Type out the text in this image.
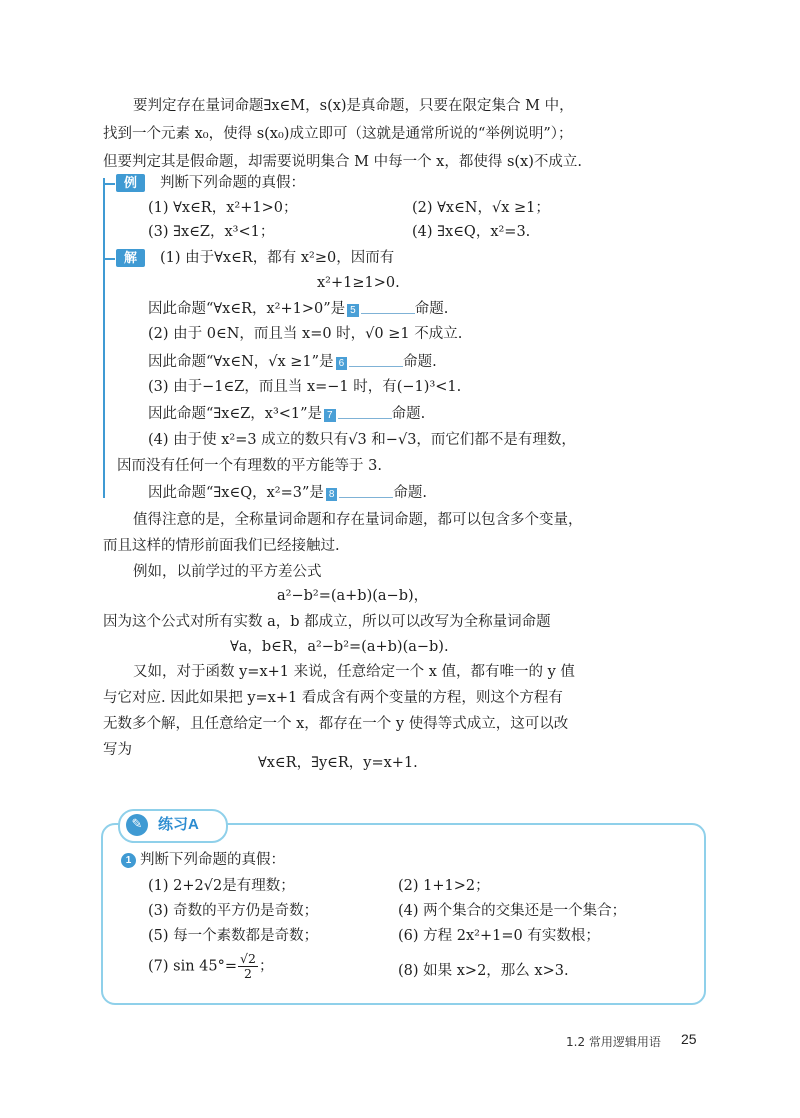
要判定存在量词命题∃x∈M，s(x)是真命题，只要在限定集合 M 中，
找到一个元素 x₀，使得 s(x₀)成立即可（这就是通常所说的“举例说明”）；
但要判定其是假命题，却需要说明集合 M 中每一个 x，都使得 s(x)不成立.
例	判断下列命题的真假：
(1) ∀x∈R，x²+1>0；	(2) ∀x∈N，√x ≥1；
(3) ∃x∈Z，x³<1；	(4) ∃x∈Q，x²=3.
解	(1) 由于∀x∈R，都有 x²≥0，因而有
x²+1≥1>0.
因此命题“∀x∈R，x²+1>0”是 5	命题.
(2) 由于 0∈N，而且当 x=0 时，√0 ≥1 不成立.
因此命题“∀x∈N，√x ≥1”是 6	命题.
(3) 由于−1∈Z，而且当 x=−1 时，有(−1)³<1.
因此命题“∃x∈Z，x³<1”是 7	命题.
(4) 由于使 x²=3 成立的数只有√3 和−√3，而它们都不是有理数，
因而没有任何一个有理数的平方能等于 3.
因此命题“∃x∈Q，x²=3”是 8	命题.
值得注意的是，全称量词命题和存在量词命题，都可以包含多个变量，
而且这样的情形前面我们已经接触过.
例如，以前学过的平方差公式
a²−b²=(a+b)(a−b)，
因为这个公式对所有实数 a，b 都成立，所以可以改写为全称量词命题
∀a，b∈R，a²−b²=(a+b)(a−b).
又如，对于函数 y=x+1 来说，任意给定一个 x 值，都有唯一的 y 值
与它对应. 因此如果把 y=x+1 看成含有两个变量的方程，则这个方程有
无数多个解，且任意给定一个 x，都存在一个 y 使得等式成立，这可以改
写为
∀x∈R，∃y∈R，y=x+1.
✎	练习A
1 判断下列命题的真假：
(1) 2+2√2是有理数；	(2) 1+1>2；
(3) 奇数的平方仍是奇数；	(4) 两个集合的交集还是一个集合；
(5) 每一个素数都是奇数；	(6) 方程 2x²+1=0 有实数根；
(7) $\sin 45^\circ= \frac{√2}{2}$ ；	(8) 如果 x>2，那么 x>3.
1.2 常用逻辑用语 25
